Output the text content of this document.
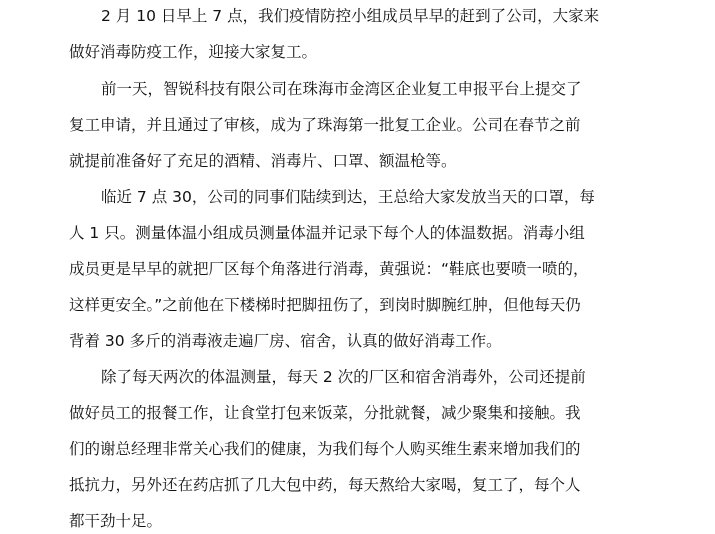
2 月 10 日早上 7 点，我们疫情防控小组成员早早的赶到了公司，大家来
做好消毒防疫工作，迎接大家复工。
前一天，智锐科技有限公司在珠海市金湾区企业复工申报平台上提交了
复工申请，并且通过了审核，成为了珠海第一批复工企业。公司在春节之前
就提前准备好了充足的酒精、消毒片、口罩、额温枪等。
临近 7 点 30，公司的同事们陆续到达，王总给大家发放当天的口罩，每
人 1 只。测量体温小组成员测量体温并记录下每个人的体温数据。消毒小组
成员更是早早的就把厂区每个角落进行消毒，黄强说：“鞋底也要喷一喷的，
这样更安全。”之前他在下楼梯时把脚扭伤了，到岗时脚腕红肿，但他每天仍
背着 30 多斤的消毒液走遍厂房、宿舍，认真的做好消毒工作。
除了每天两次的体温测量，每天 2 次的厂区和宿舍消毒外，公司还提前
做好员工的报餐工作，让食堂打包来饭菜，分批就餐，减少聚集和接触。我
们的谢总经理非常关心我们的健康，为我们每个人购买维生素来增加我们的
抵抗力，另外还在药店抓了几大包中药，每天熬给大家喝，复工了，每个人
都干劲十足。
